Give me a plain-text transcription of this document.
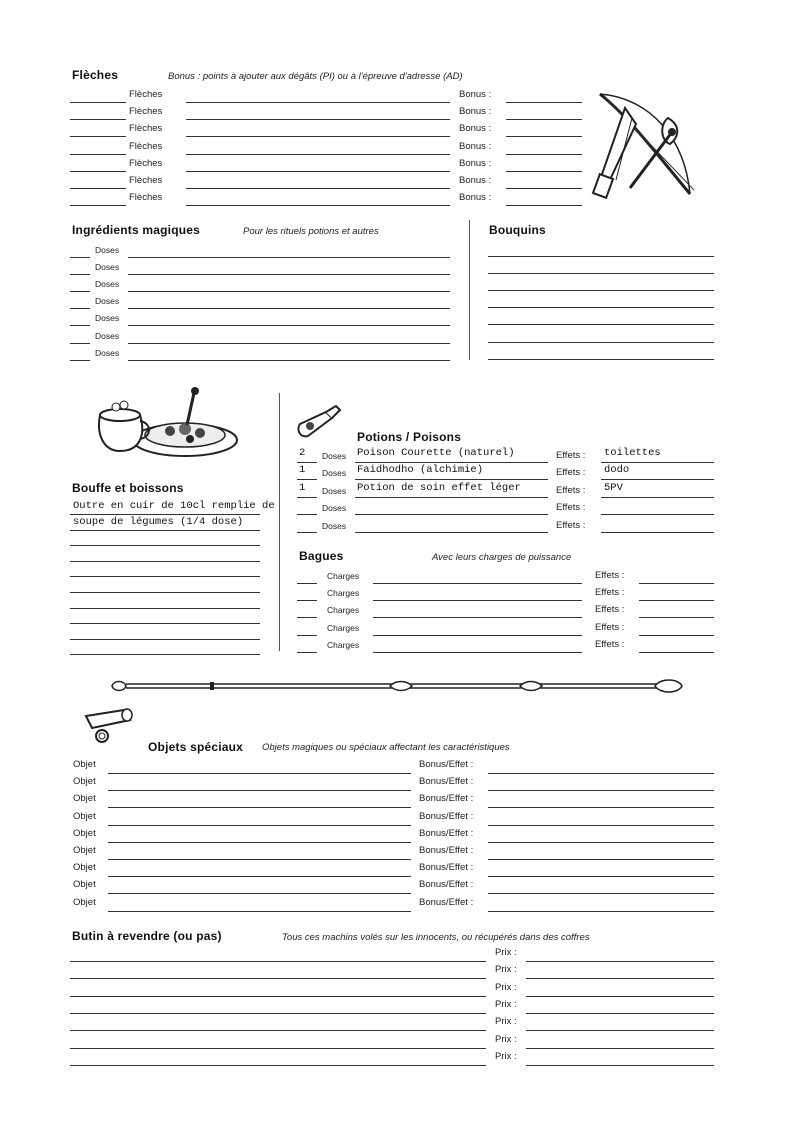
Flèches	Bonus : points à ajouter aux dégâts (PI) ou à l'épreuve d'adresse (AD)
Flèches	Bonus :
Flèches	Bonus :
Flèches	Bonus :
Flèches	Bonus :
Flèches	Bonus :
Flèches	Bonus :
Flèches	Bonus :
Ingrédients magiques	Pour les rituels potions et autres
Doses
Doses
Doses
Doses
Doses
Doses
Doses
Bouquins
Bouffe et boissons
Outre en cuir de 10cl remplie de
soupe de légumes (1/4 dose)
Potions / Poisons
2 Doses Poison Courette (naturel)	Effets : toilettes
1 Doses Faidhodho (alchimie)	Effets : dodo
1 Doses Potion de soin effet léger	Effets : 5PV
Doses	Effets :
Doses	Effets :
Bagues	Avec leurs charges de puissance
Charges	Effets :
Charges	Effets :
Charges	Effets :
Charges	Effets :
Charges	Effets :
Objets spéciaux Objets magiques ou spéciaux affectant les caractéristiques
Objet	Bonus/Effet :
Objet	Bonus/Effet :
Objet	Bonus/Effet :
Objet	Bonus/Effet :
Objet	Bonus/Effet :
Objet	Bonus/Effet :
Objet	Bonus/Effet :
Objet	Bonus/Effet :
Objet	Bonus/Effet :
Butin à revendre (ou pas)	Tous ces machins volés sur les innocents, ou récupérés dans des coffres
Prix :
Prix :
Prix :
Prix :
Prix :
Prix :
Prix :
